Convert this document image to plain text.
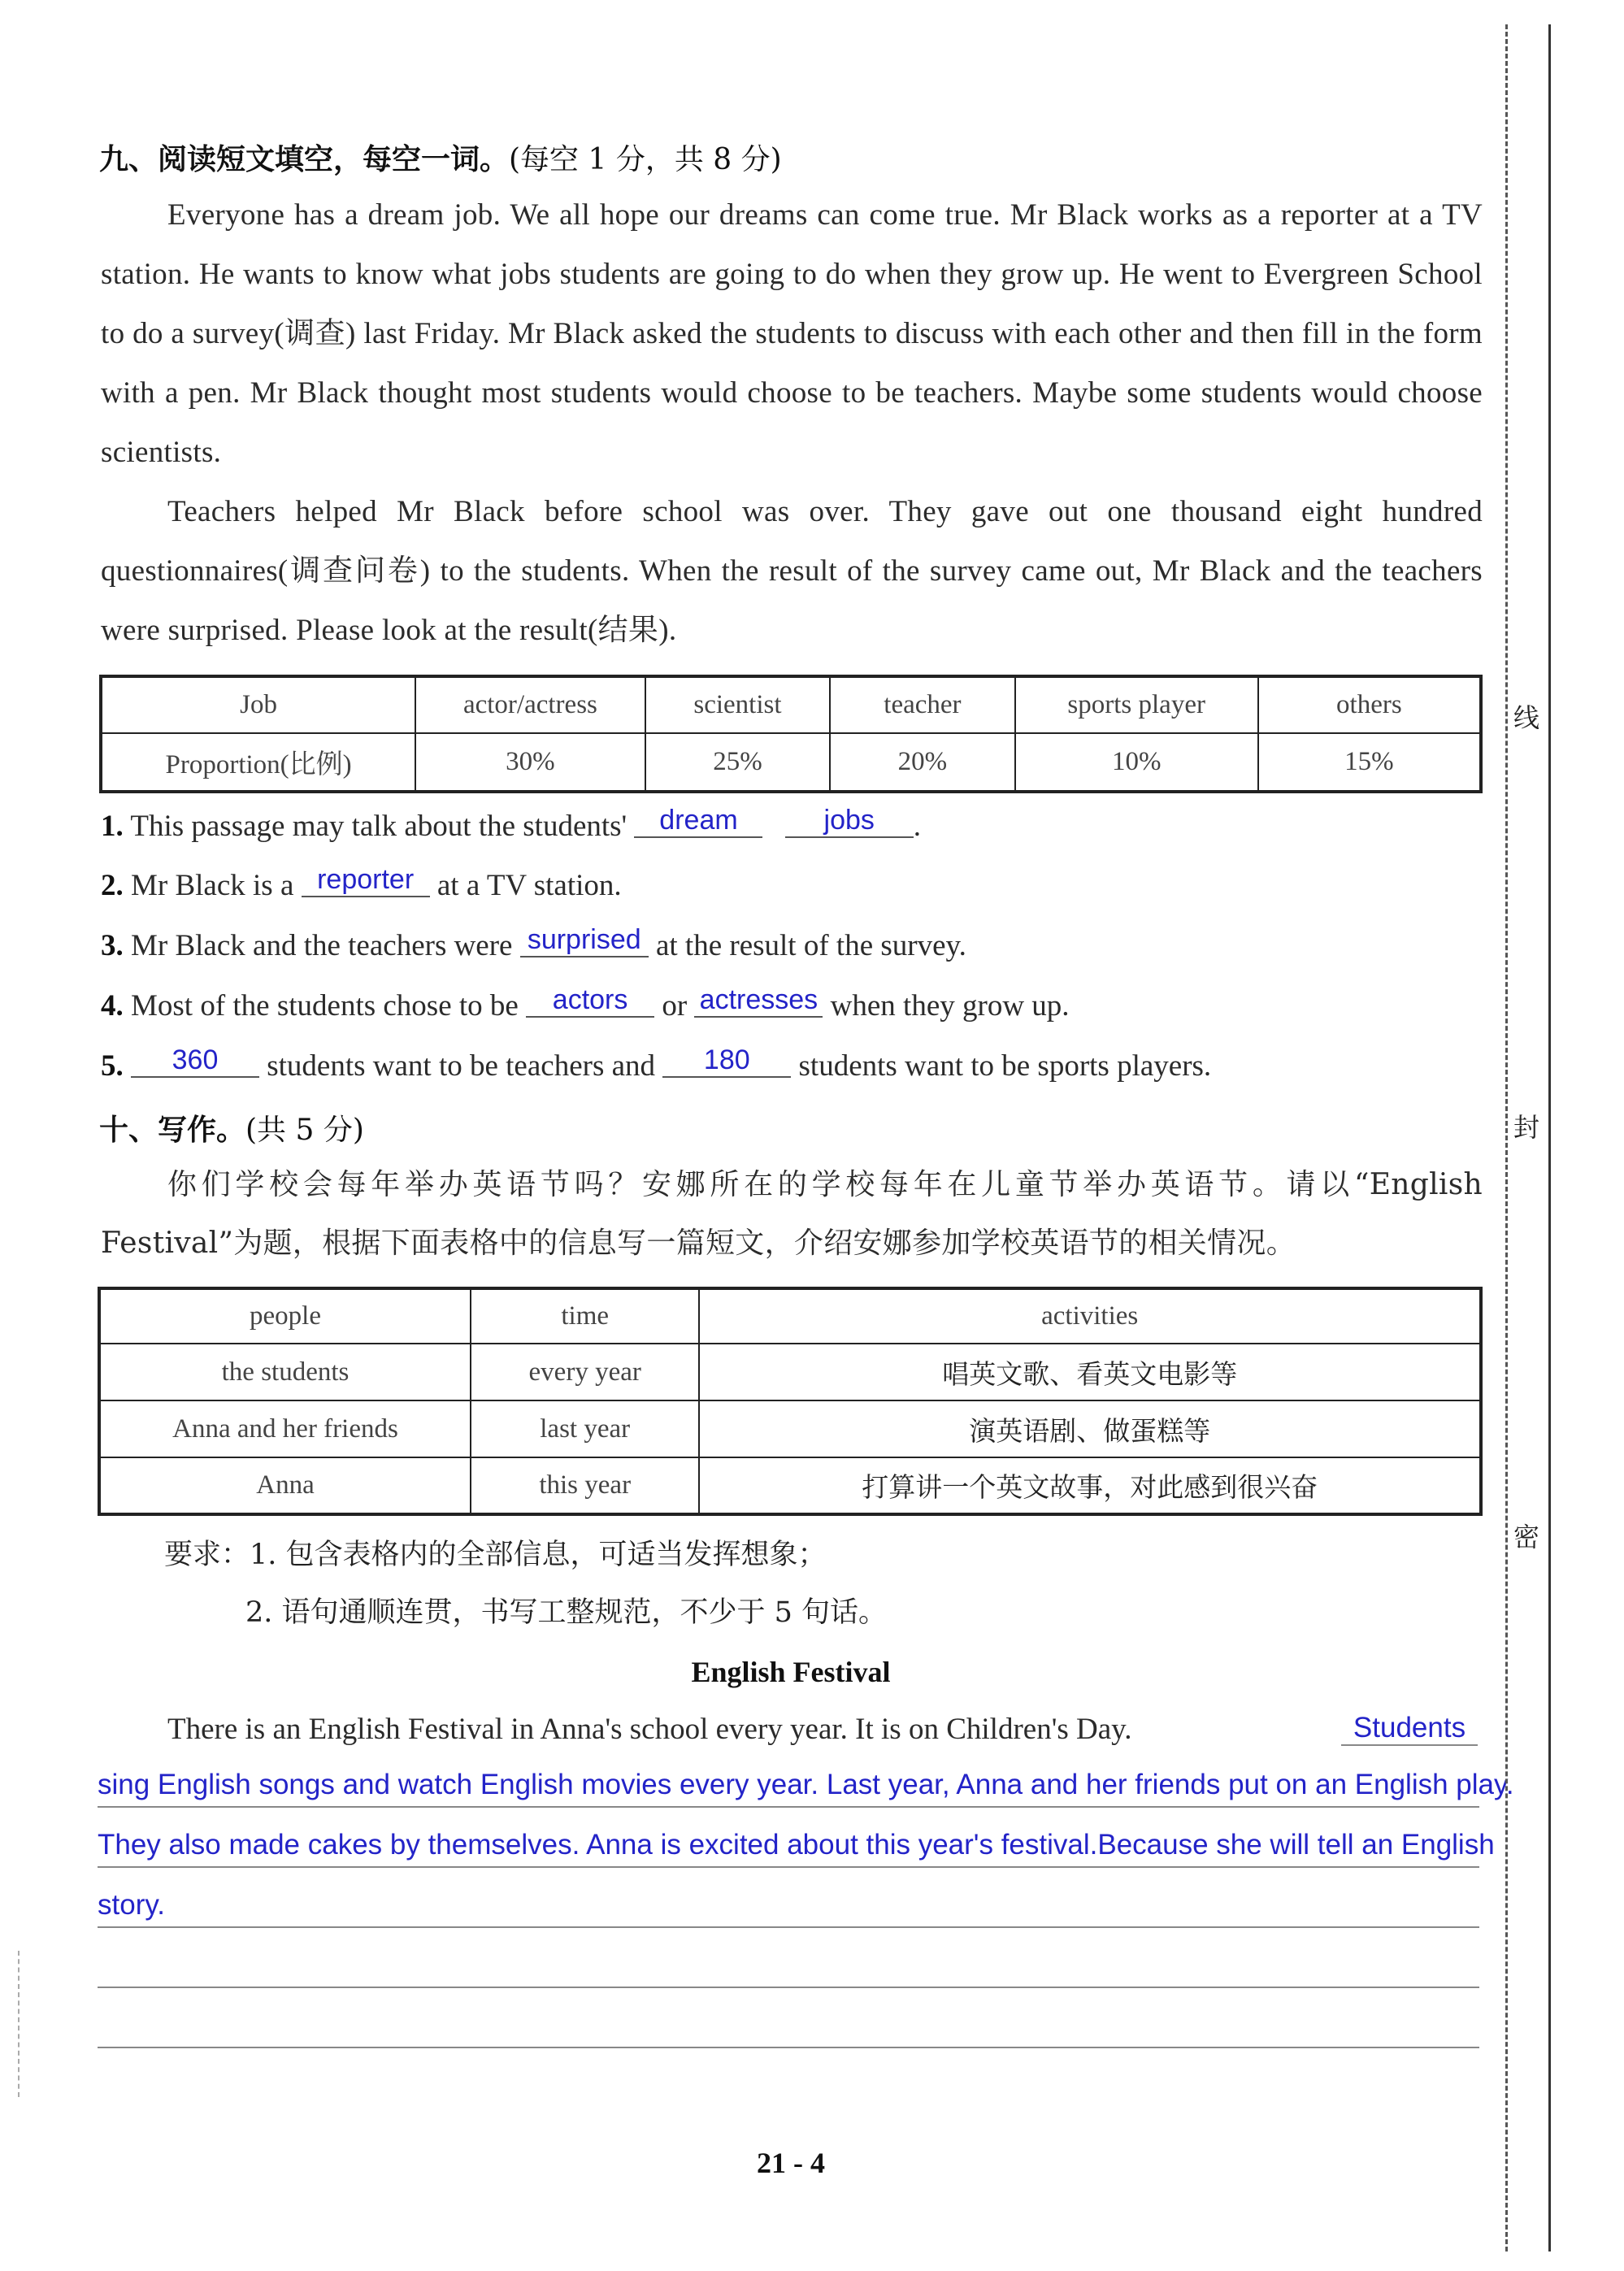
九、阅读短文填空，每空一词。(每空 1 分，共 8 分)

Everyone has a dream job. We all hope our dreams can come true. Mr Black works as a reporter at a TV station. He wants to know what jobs students are going to do when they grow up. He went to Evergreen School to do a survey(调查) last Friday. Mr Black asked the students to discuss with each other and then fill in the form with a pen. Mr Black thought most students would choose to be teachers. Maybe some students would choose scientists.

Teachers helped Mr Black before school was over. They gave out one thousand eight hundred questionnaires(调查问卷) to the students. When the result of the survey came out, Mr Black and the teachers were surprised. Please look at the result(结果).

Job	actor/actress	scientist	teacher	sports player	others
Proportion(比例)	30%	25%	20%	10%	15%
1. This passage may talk about the students' dream	jobs .
2. Mr Black is a reporter at a TV station.
3. Mr Black and the teachers were surprised at the result of the survey.
4. Most of the students chose to be actors or actresses when they grow up.
5. 360 students want to be teachers and 180 students want to be sports players.
十、写作。(共 5 分)

你们学校会每年举办英语节吗？安娜所在的学校每年在儿童节举办英语节。请以“English Festival”为题，根据下面表格中的信息写一篇短文，介绍安娜参加学校英语节的相关情况。

people	time	activities
the students	every year	唱英文歌、看英文电影等
Anna and her friends	last year	演英语剧、做蛋糕等
Anna	this year	打算讲一个英文故事，对此感到很兴奋
要求：1. 包含表格内的全部信息，可适当发挥想象；
2. 语句通顺连贯，书写工整规范，不少于 5 句话。
English Festival
There is an English Festival in Anna's school every year. It is on Children's Day.	Students
sing English songs and watch English movies every year. Last year, Anna and her friends put on an English play.
They also made cakes by themselves. Anna is excited about this year's festival.Because she will tell an English
story.
21 - 4
线
封
密
